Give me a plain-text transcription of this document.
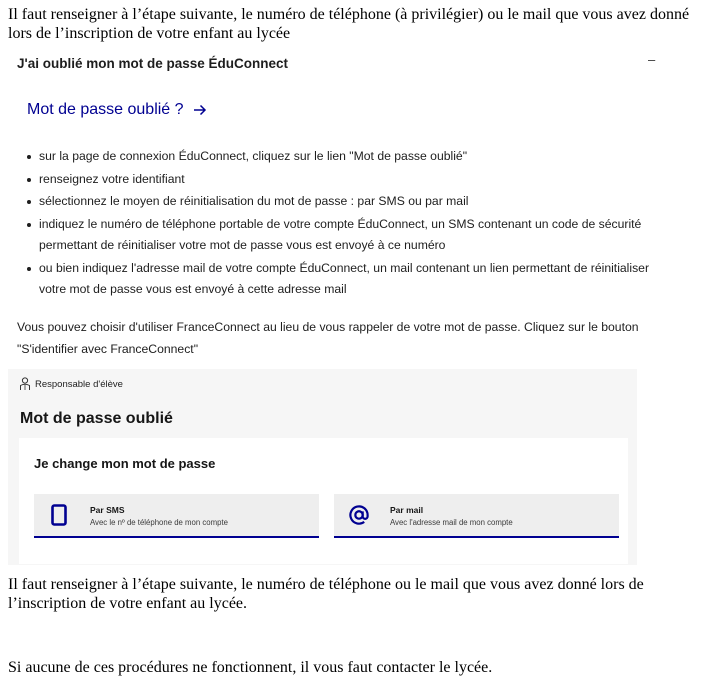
Il faut renseigner à l’étape suivante, le numéro de téléphone (à privilégier) ou le mail que vous avez donné lors de l’inscription de votre enfant au lycée

J'ai oublié mon mot de passe ÉduConnect	–
Mot de passe oublié ?
sur la page de connexion ÉduConnect, cliquez sur le lien "Mot de passe oublié"
renseignez votre identifiant
sélectionnez le moyen de réinitialisation du mot de passe : par SMS ou par mail
indiquez le numéro de téléphone portable de votre compte ÉduConnect, un SMS contenant un code de sécurité permettant de réinitialiser votre mot de passe vous est envoyé à ce numéro
ou bien indiquez l'adresse mail de votre compte ÉduConnect, un mail contenant un lien permettant de réinitialiser votre mot de passe vous est envoyé à cette adresse mail
Vous pouvez choisir d'utiliser FranceConnect au lieu de vous rappeler de votre mot de passe. Cliquez sur le bouton "S'identifier avec FranceConnect"
Responsable d'élève
Mot de passe oublié
Je change mon mot de passe
Par SMS
Avec le nº de téléphone de mon compte
Par mail
Avec l'adresse mail de mon compte

Il faut renseigner à l’étape suivante, le numéro de téléphone ou le mail que vous avez donné lors de l’inscription de votre enfant au lycée.

Si aucune de ces procédures ne fonctionnent, il vous faut contacter le lycée.
